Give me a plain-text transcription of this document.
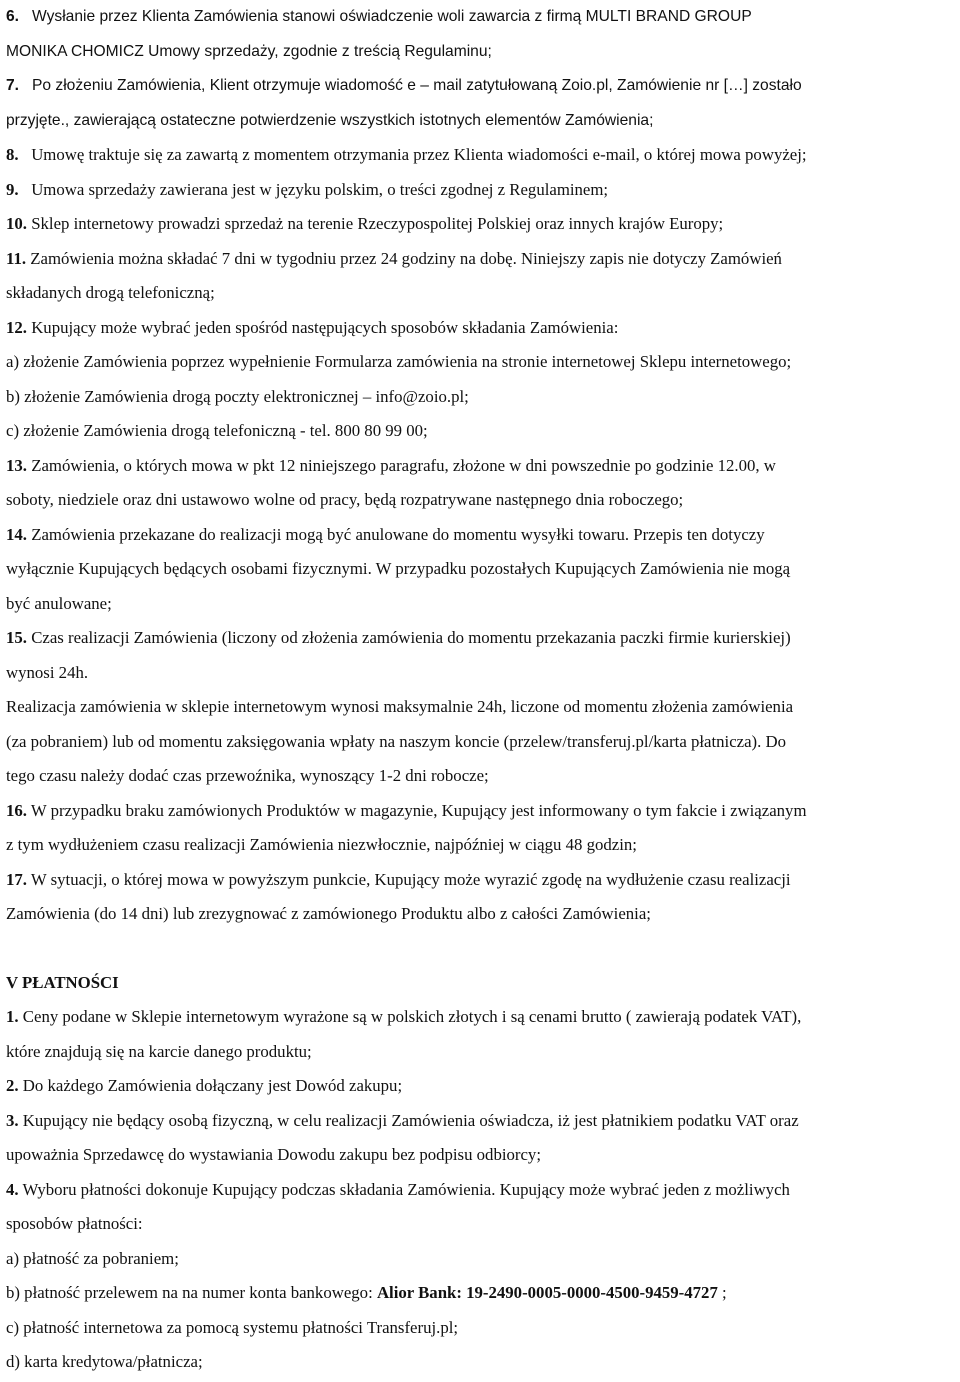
6. Wysłanie przez Klienta Zamówienia stanowi oświadczenie woli zawarcia z firmą MULTI BRAND GROUP
MONIKA CHOMICZ Umowy sprzedaży, zgodnie z treścią Regulaminu;
7. Po złożeniu Zamówienia, Klient otrzymuje wiadomość e – mail zatytułowaną Zoio.pl, Zamówienie nr […] zostało
przyjęte., zawierającą ostateczne potwierdzenie wszystkich istotnych elementów Zamówienia;
8. Umowę traktuje się za zawartą z momentem otrzymania przez Klienta wiadomości e-mail, o której mowa powyżej;
9. Umowa sprzedaży zawierana jest w języku polskim, o treści zgodnej z Regulaminem;
10. Sklep internetowy prowadzi sprzedaż na terenie Rzeczypospolitej Polskiej oraz innych krajów Europy;
11. Zamówienia można składać 7 dni w tygodniu przez 24 godziny na dobę. Niniejszy zapis nie dotyczy Zamówień
składanych drogą telefoniczną;
12. Kupujący może wybrać jeden spośród następujących sposobów składania Zamówienia:
a) złożenie Zamówienia poprzez wypełnienie Formularza zamówienia na stronie internetowej Sklepu internetowego;
b) złożenie Zamówienia drogą poczty elektronicznej – info@zoio.pl;
c) złożenie Zamówienia drogą telefoniczną - tel. 800 80 99 00;
13. Zamówienia, o których mowa w pkt 12 niniejszego paragrafu, złożone w dni powszednie po godzinie 12.00, w
soboty, niedziele oraz dni ustawowo wolne od pracy, będą rozpatrywane następnego dnia roboczego;
14. Zamówienia przekazane do realizacji mogą być anulowane do momentu wysyłki towaru. Przepis ten dotyczy
wyłącznie Kupujących będących osobami fizycznymi. W przypadku pozostałych Kupujących Zamówienia nie mogą
być anulowane;
15. Czas realizacji Zamówienia (liczony od złożenia zamówienia do momentu przekazania paczki firmie kurierskiej)
wynosi 24h.
Realizacja zamówienia w sklepie internetowym wynosi maksymalnie 24h, liczone od momentu złożenia zamówienia
(za pobraniem) lub od momentu zaksięgowania wpłaty na naszym koncie (przelew/transferuj.pl/karta płatnicza). Do
tego czasu należy dodać czas przewoźnika, wynoszący 1-2 dni robocze;
16. W przypadku braku zamówionych Produktów w magazynie, Kupujący jest informowany o tym fakcie i związanym
z tym wydłużeniem czasu realizacji Zamówienia niezwłocznie, najpóźniej w ciągu 48 godzin;
17. W sytuacji, o której mowa w powyższym punkcie, Kupujący może wyrazić zgodę na wydłużenie czasu realizacji
Zamówienia (do 14 dni) lub zrezygnować z zamówionego Produktu albo z całości Zamówienia;
V PŁATNOŚCI
1. Ceny podane w Sklepie internetowym wyrażone są w polskich złotych i są cenami brutto ( zawierają podatek VAT),
które znajdują się na karcie danego produktu;
2. Do każdego Zamówienia dołączany jest Dowód zakupu;
3. Kupujący nie będący osobą fizyczną, w celu realizacji Zamówienia oświadcza, iż jest płatnikiem podatku VAT oraz
upoważnia Sprzedawcę do wystawiania Dowodu zakupu bez podpisu odbiorcy;
4. Wyboru płatności dokonuje Kupujący podczas składania Zamówienia. Kupujący może wybrać jeden z możliwych
sposobów płatności:
a) płatność za pobraniem;
b) płatność przelewem na na numer konta bankowego: Alior Bank: 19-2490-0005-0000-4500-9459-4727 ;
c) płatność internetowa za pomocą systemu płatności Transferuj.pl;
d) karta kredytowa/płatnicza;
